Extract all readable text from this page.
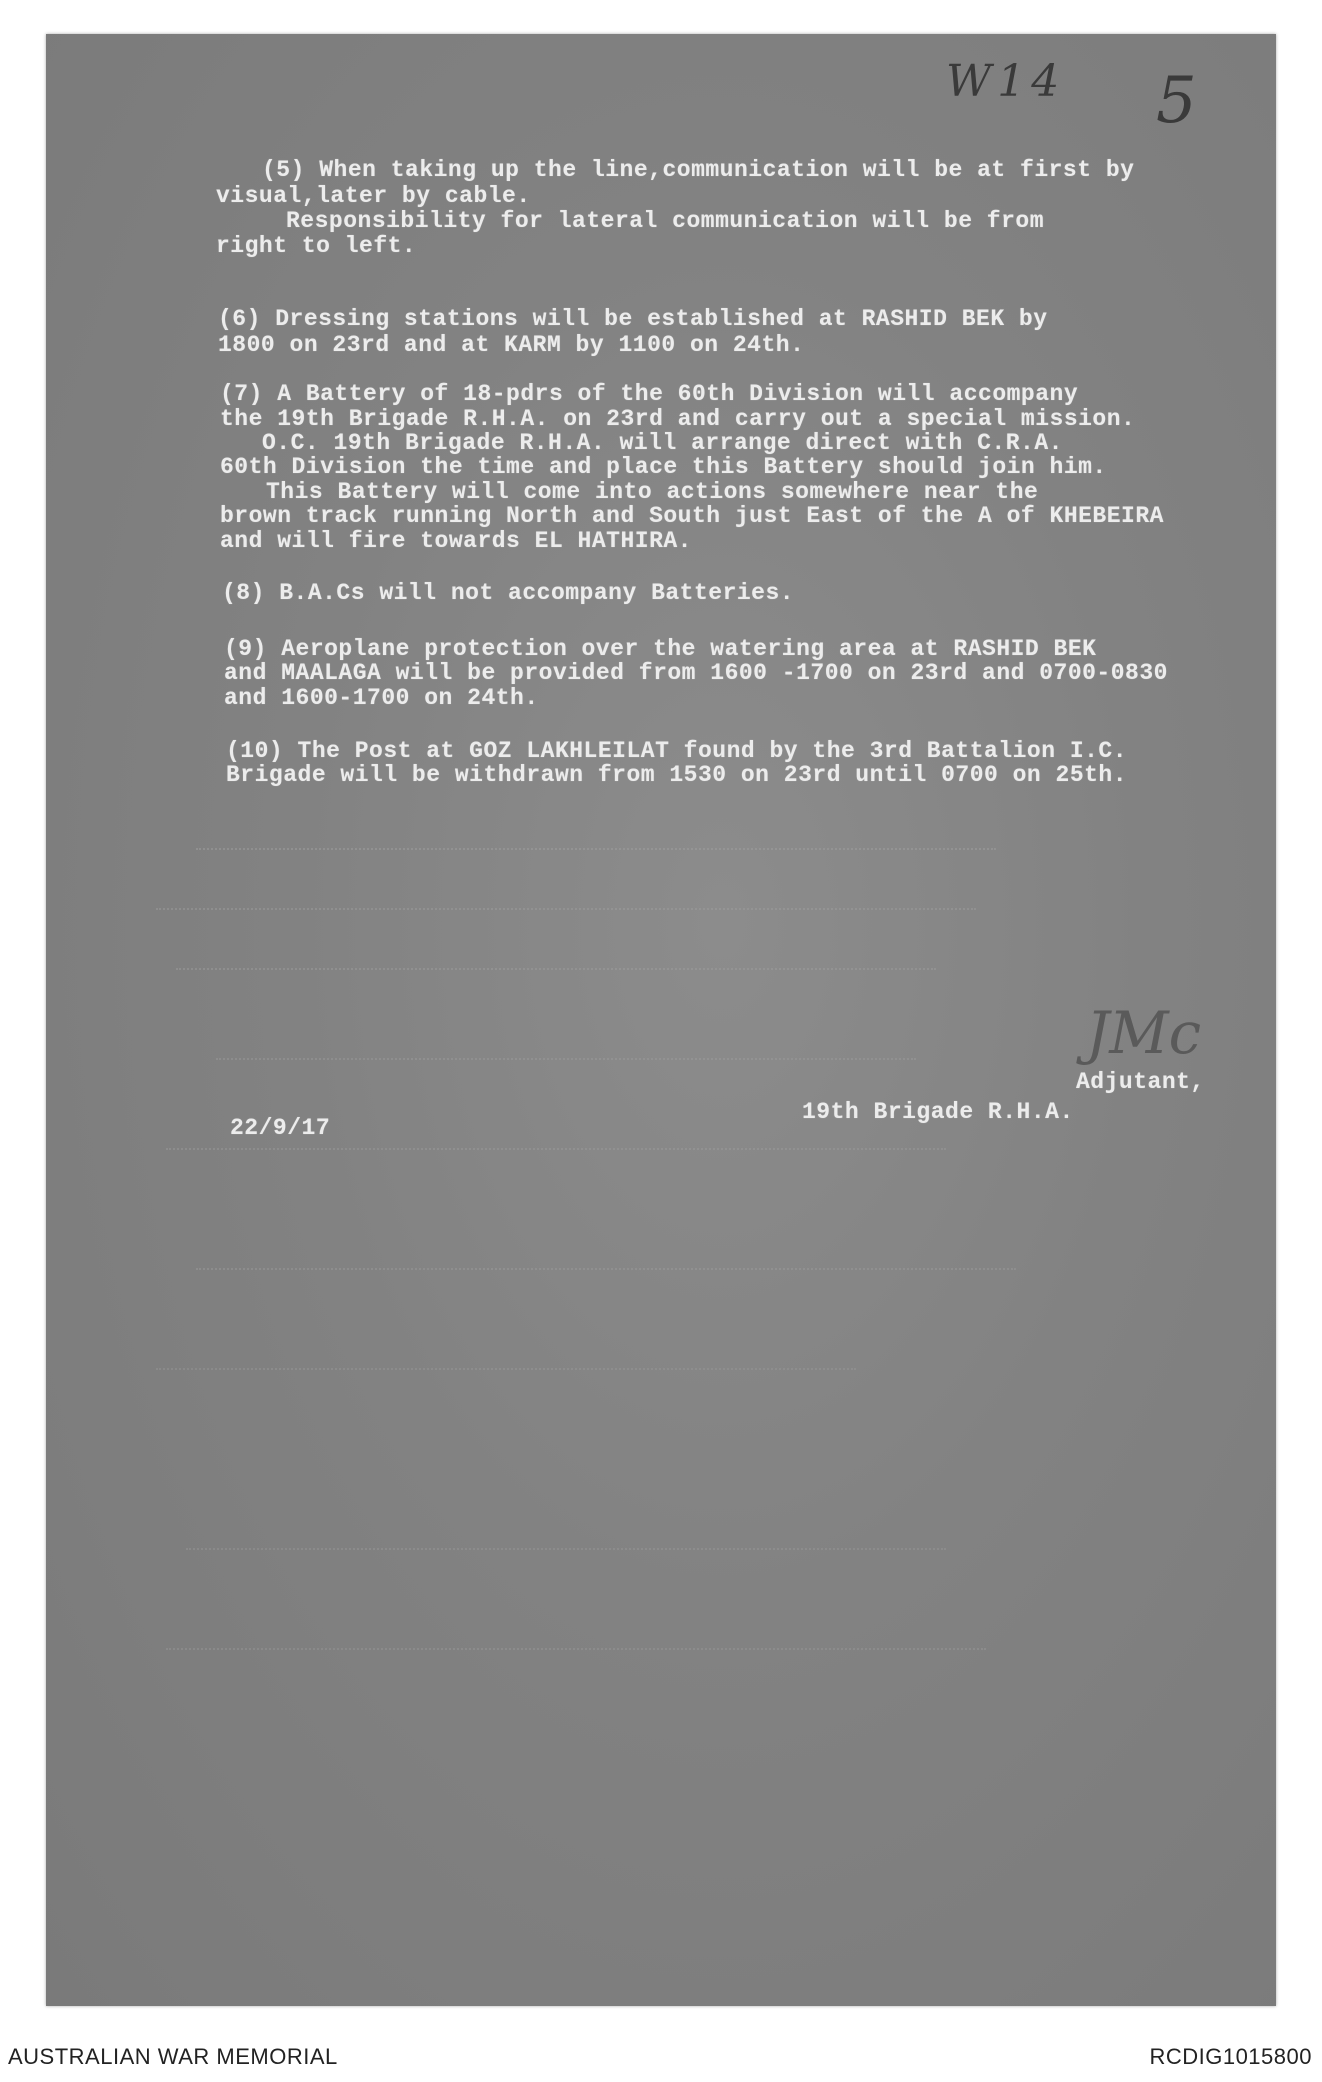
W14 5
(5) When taking up the line,communication will be at first by
visual,later by cable.
Responsibility for lateral communication will be from
right to left.
(6) Dressing stations will be established at RASHID BEK by
1800 on 23rd and at KARM by 1100 on 24th.
(7) A Battery of 18-pdrs of the 60th Division will accompany
the 19th Brigade R.H.A. on 23rd and carry out a special mission.
O.C. 19th Brigade R.H.A. will arrange direct with C.R.A.
60th Division the time and place this Battery should join him.
This Battery will come into actions somewhere near the
brown track running North and South just East of the A of KHEBEIRA
and will fire towards EL HATHIRA.
(8) B.A.Cs will not accompany Batteries.
(9) Aeroplane protection over the watering area at RASHID BEK
and MAALAGA will be provided from 1600 -1700 on 23rd and 0700-0830
and 1600-1700 on 24th.
(10) The Post at GOZ LAKHLEILAT found by the 3rd Battalion I.C.
Brigade will be withdrawn from 1530 on 23rd until 0700 on 25th.
JMc
Adjutant,
22/9/17
19th Brigade R.H.A.
AUSTRALIAN WAR MEMORIAL	RCDIG1015800
